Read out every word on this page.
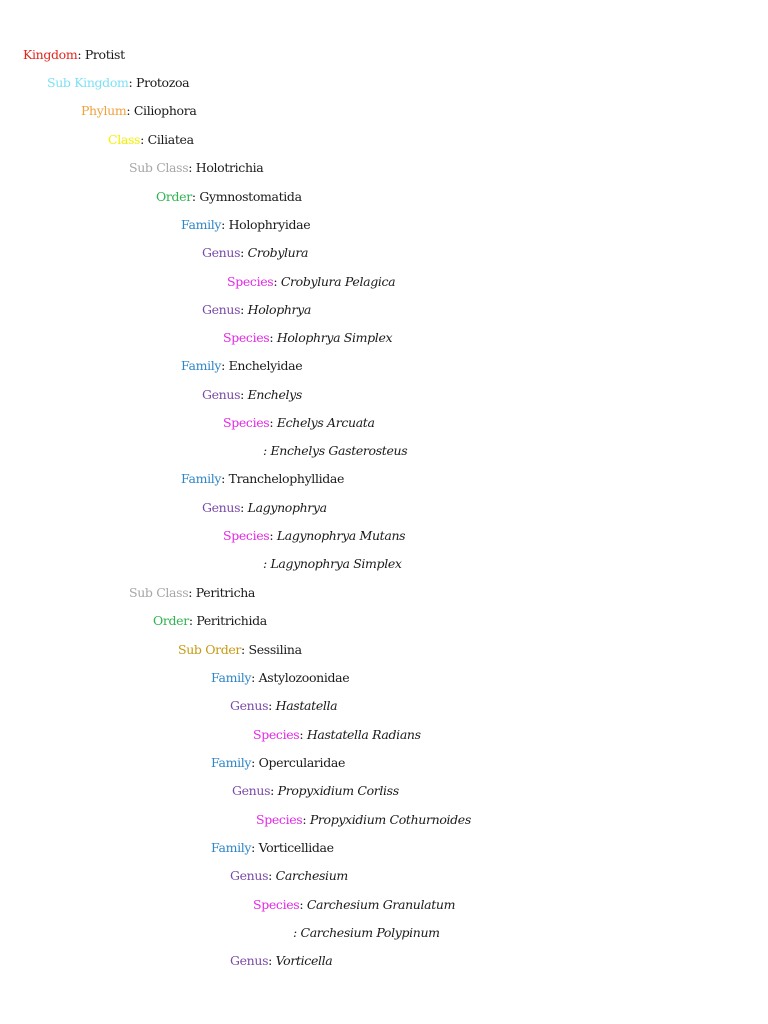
Kingdom: Protist
Sub Kingdom: Protozoa
Phylum: Ciliophora
Class: Ciliatea
Sub Class: Holotrichia
Order: Gymnostomatida
Family: Holophryidae
Genus: Crobylura
Species: Crobylura Pelagica
Genus: Holophrya
Species: Holophrya Simplex
Family: Enchelyidae
Genus: Enchelys
Species: Echelys Arcuata
: Enchelys Gasterosteus
Family: Tranchelophyllidae
Genus: Lagynophrya
Species: Lagynophrya Mutans
: Lagynophrya Simplex
Sub Class: Peritricha
Order: Peritrichida
Sub Order: Sessilina
Family: Astylozoonidae
Genus: Hastatella
Species: Hastatella Radians
Family: Opercularidae
Genus: Propyxidium Corliss
Species: Propyxidium Cothurnoides
Family: Vorticellidae
Genus: Carchesium
Species: Carchesium Granulatum
: Carchesium Polypinum
Genus: Vorticella
